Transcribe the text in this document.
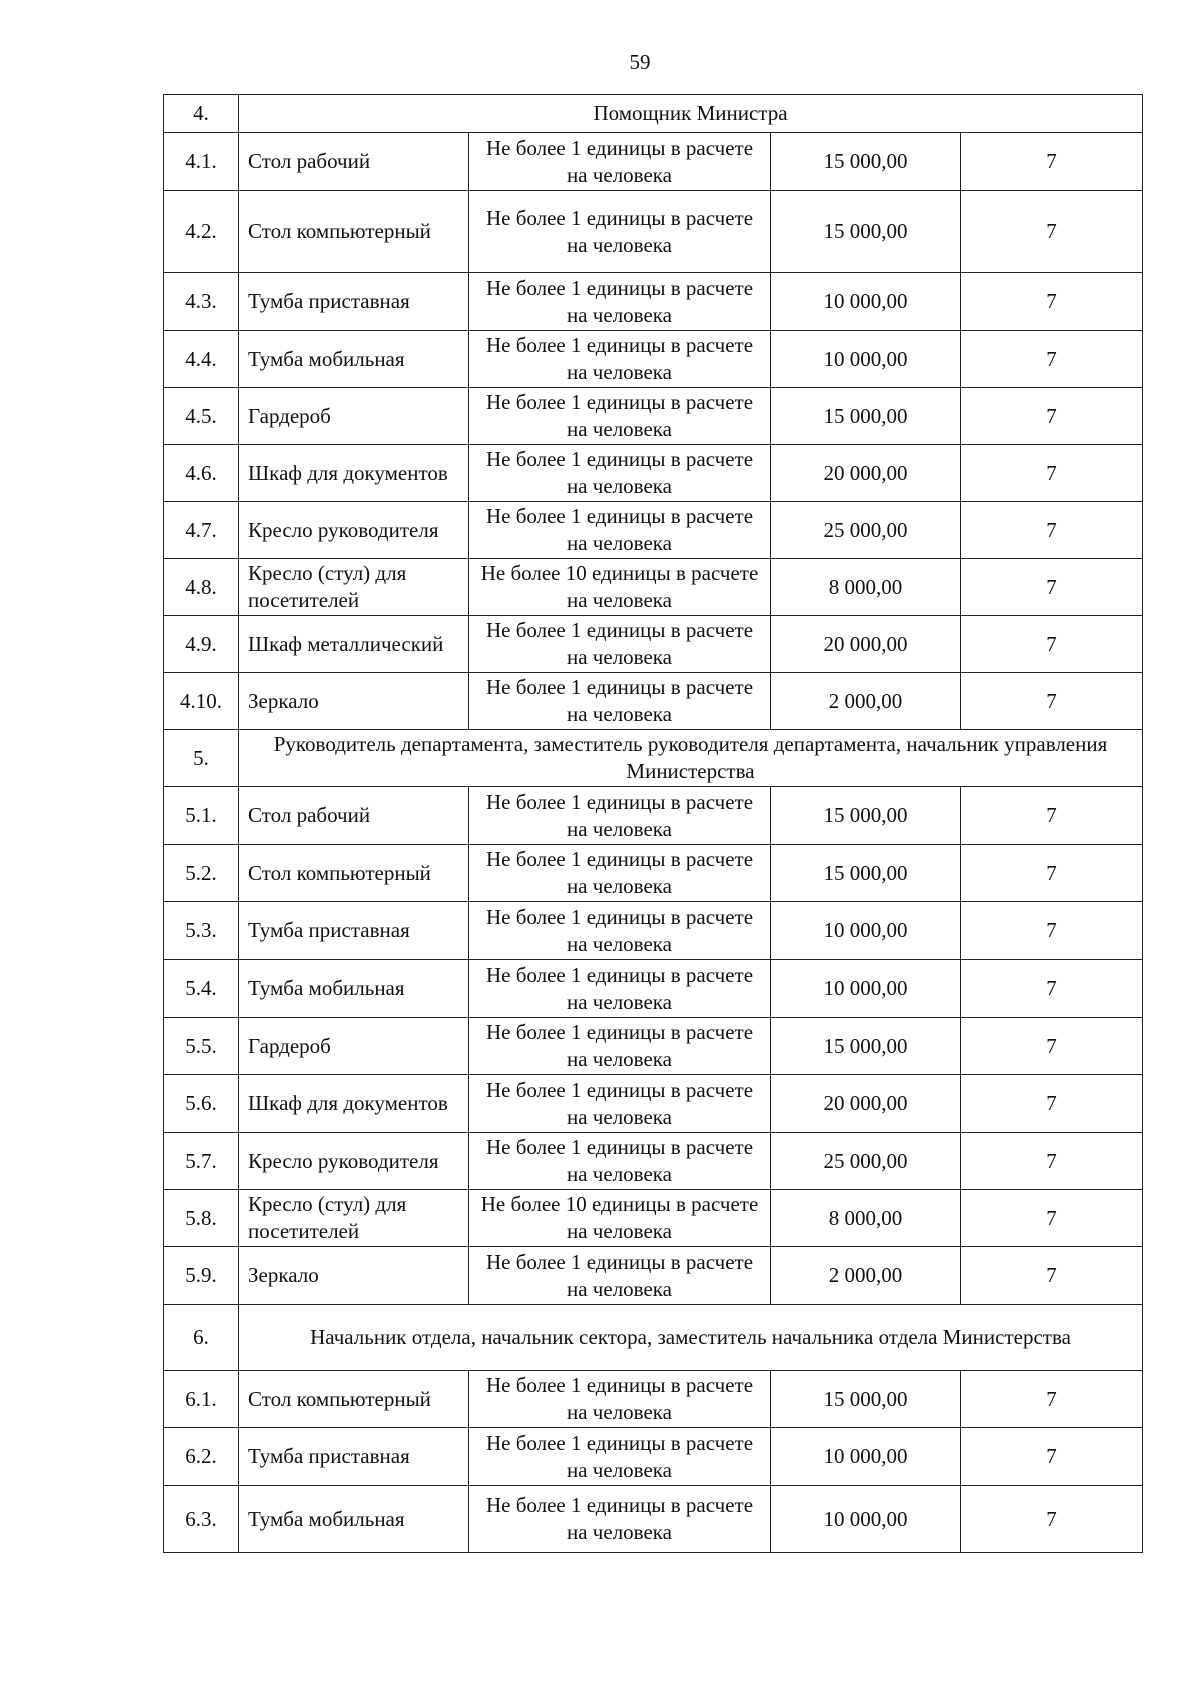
59
4.	Помощник Министра			
4.1.	Стол рабочий	Не более 1 единицы в расчете на человека	15 000,00	7
4.2.	Стол компьютерный	Не более 1 единицы в расчете на человека	15 000,00	7
4.3.	Тумба приставная	Не более 1 единицы в расчете на человека	10 000,00	7
4.4.	Тумба мобильная	Не более 1 единицы в расчете на человека	10 000,00	7
4.5.	Гардероб	Не более 1 единицы в расчете на человека	15 000,00	7
4.6.	Шкаф для документов	Не более 1 единицы в расчете на человека	20 000,00	7
4.7.	Кресло руководителя	Не более 1 единицы в расчете на человека	25 000,00	7
4.8.	Кресло (стул) для посетителей	Не более 10 единицы в расчете на человека	8 000,00	7
4.9.	Шкаф металлический	Не более 1 единицы в расчете на человека	20 000,00	7
4.10.	Зеркало	Не более 1 единицы в расчете на человека	2 000,00	7
5.	Руководитель департамента, заместитель руководителя департамента, начальник управления Министерства			
5.1.	Стол рабочий	Не более 1 единицы в расчете на человека	15 000,00	7
5.2.	Стол компьютерный	Не более 1 единицы в расчете на человека	15 000,00	7
5.3.	Тумба приставная	Не более 1 единицы в расчете на человека	10 000,00	7
5.4.	Тумба мобильная	Не более 1 единицы в расчете на человека	10 000,00	7
5.5.	Гардероб	Не более 1 единицы в расчете на человека	15 000,00	7
5.6.	Шкаф для документов	Не более 1 единицы в расчете на человека	20 000,00	7
5.7.	Кресло руководителя	Не более 1 единицы в расчете на человека	25 000,00	7
5.8.	Кресло (стул) для посетителей	Не более 10 единицы в расчете на человека	8 000,00	7
5.9.	Зеркало	Не более 1 единицы в расчете на человека	2 000,00	7
6.	Начальник отдела, начальник сектора, заместитель начальника отдела Министерства			
6.1.	Стол компьютерный	Не более 1 единицы в расчете на человека	15 000,00	7
6.2.	Тумба приставная	Не более 1 единицы в расчете на человека	10 000,00	7
6.3.	Тумба мобильная	Не более 1 единицы в расчете на человека	10 000,00	7
